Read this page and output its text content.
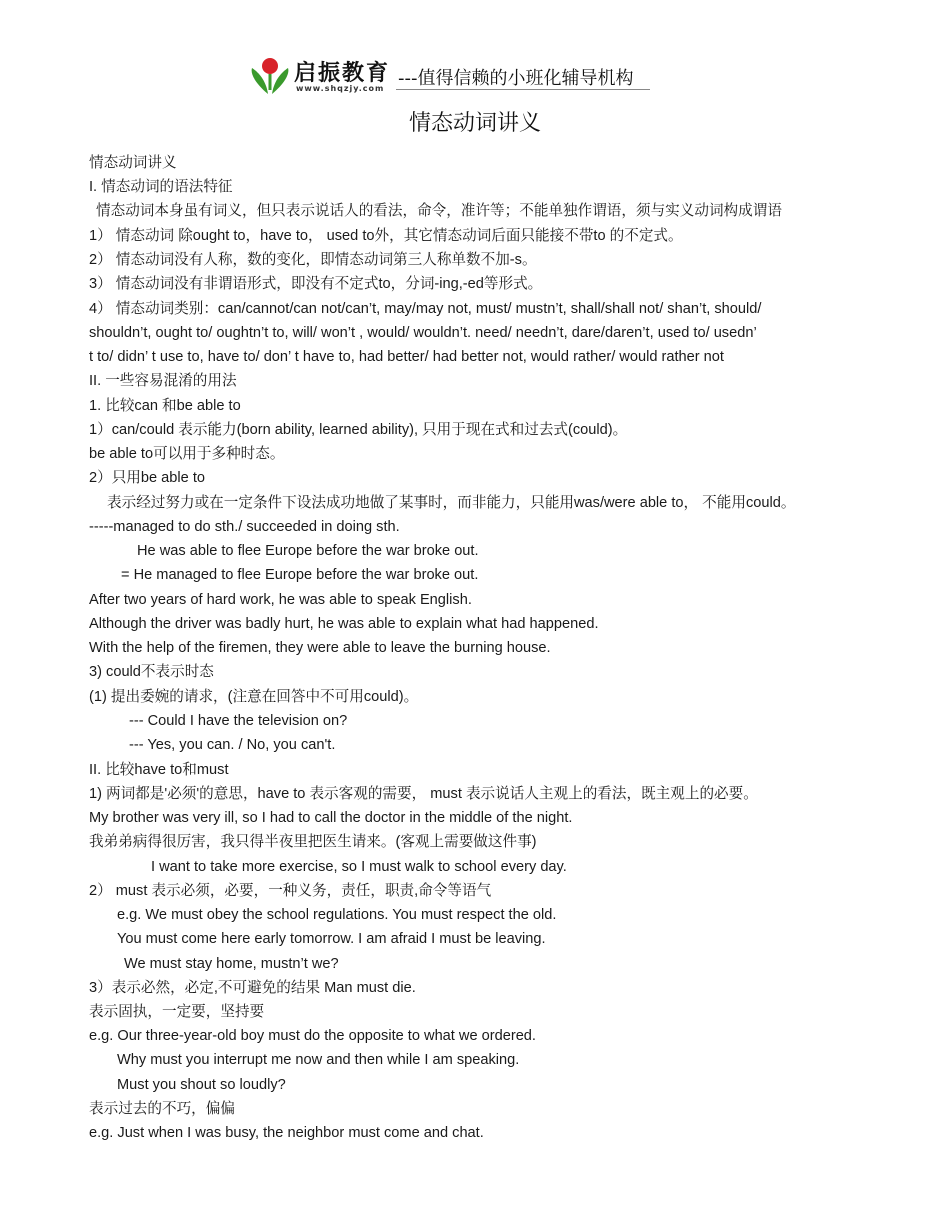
启振教育
www.shqzjy.com ---值得信赖的小班化辅导机构
情态动词讲义
情态动词讲义
I. 情态动词的语法特征
情态动词本身虽有词义，但只表示说话人的看法，命令，准许等；不能单独作谓语，须与实义动词构成谓语
1） 情态动词 除ought to，have to， used to外，其它情态动词后面只能接不带to 的不定式。
2） 情态动词没有人称，数的变化，即情态动词第三人称单数不加-s。
3） 情态动词没有非谓语形式，即没有不定式to，分词-ing,-ed等形式。
4） 情态动词类别：can/cannot/can not/can’t, may/may not, must/ mustn’t, shall/shall not/ shan’t, should/
shouldn’t, ought to/ oughtn’t to, will/ won’t , would/ wouldn’t. need/ needn’t, dare/daren’t, used to/ usedn’
t to/ didn’ t use to, have to/ don’ t have to, had better/ had better not, would rather/ would rather not
II. 一些容易混淆的用法
1. 比较can 和be able to
1）can/could 表示能力(born ability, learned ability), 只用于现在式和过去式(could)。
be able to可以用于多种时态。
2）只用be able to
表示经过努力或在一定条件下设法成功地做了某事时，而非能力，只能用was/were able to， 不能用could。
-----managed to do sth./ succeeded in doing sth.
He was able to flee Europe before the war broke out.
= He managed to flee Europe before the war broke out.
After two years of hard work, he was able to speak English.
Although the driver was badly hurt, he was able to explain what had happened.
With the help of the firemen, they were able to leave the burning house.
3) could不表示时态
(1) 提出委婉的请求，(注意在回答中不可用could)。
--- Could I have the television on?
--- Yes, you can. / No, you can't.
II. 比较have to和must
1) 两词都是'必须'的意思，have to 表示客观的需要， must 表示说话人主观上的看法，既主观上的必要。
My brother was very ill, so I had to call the doctor in the middle of the night.
我弟弟病得很厉害，我只得半夜里把医生请来。(客观上需要做这件事)
I want to take more exercise, so I must walk to school every day.
2） must 表示必须，必要，一种义务，责任，职责,命令等语气
e.g. We must obey the school regulations. You must respect the old.
You must come here early tomorrow. I am afraid I must be leaving.
We must stay home, mustn’t we?
3）表示必然，必定,不可避免的结果 Man must die.
表示固执，一定要，坚持要
e.g. Our three-year-old boy must do the opposite to what we ordered.
Why must you interrupt me now and then while I am speaking.
Must you shout so loudly?
表示过去的不巧，偏偏
e.g. Just when I was busy, the neighbor must come and chat.
